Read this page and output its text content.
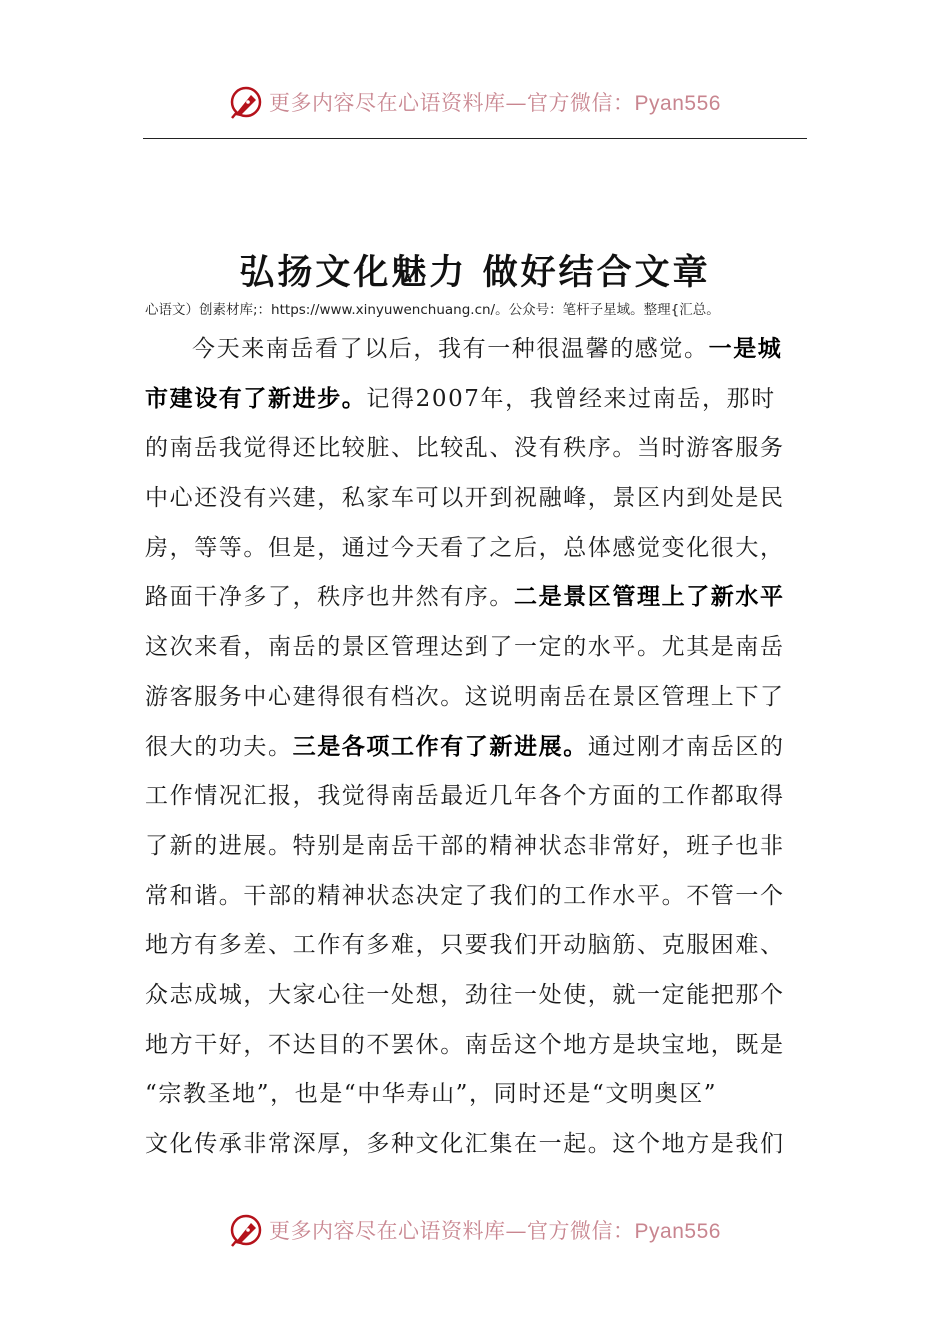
更多内容尽在心语资料库—官方微信：Pyan556
弘扬文化魅力 做好结合文章
心语文）创素材库;：https://www.xinyuwenchuang.cn/。公众号：笔杆子星域。整理{汇总。
今天来南岳看了以后，我有一种很温馨的感觉。一是城
市建设有了新进步。记得2007年，我曾经来过南岳，那时
的南岳我觉得还比较脏、比较乱、没有秩序。当时游客服务
中心还没有兴建，私家车可以开到祝融峰，景区内到处是民
房，等等。但是，通过今天看了之后，总体感觉变化很大，
路面干净多了，秩序也井然有序。二是景区管理上了新水平
这次来看，南岳的景区管理达到了一定的水平。尤其是南岳
游客服务中心建得很有档次。这说明南岳在景区管理上下了
很大的功夫。三是各项工作有了新进展。通过刚才南岳区的
工作情况汇报，我觉得南岳最近几年各个方面的工作都取得
了新的进展。特别是南岳干部的精神状态非常好，班子也非
常和谐。干部的精神状态决定了我们的工作水平。不管一个
地方有多差、工作有多难，只要我们开动脑筋、克服困难、
众志成城，大家心往一处想，劲往一处使，就一定能把那个
地方干好，不达目的不罢休。南岳这个地方是块宝地，既是
“宗教圣地”，也是“中华寿山”，同时还是“文明奥区”
文化传承非常深厚，多种文化汇集在一起。这个地方是我们
更多内容尽在心语资料库—官方微信：Pyan556
